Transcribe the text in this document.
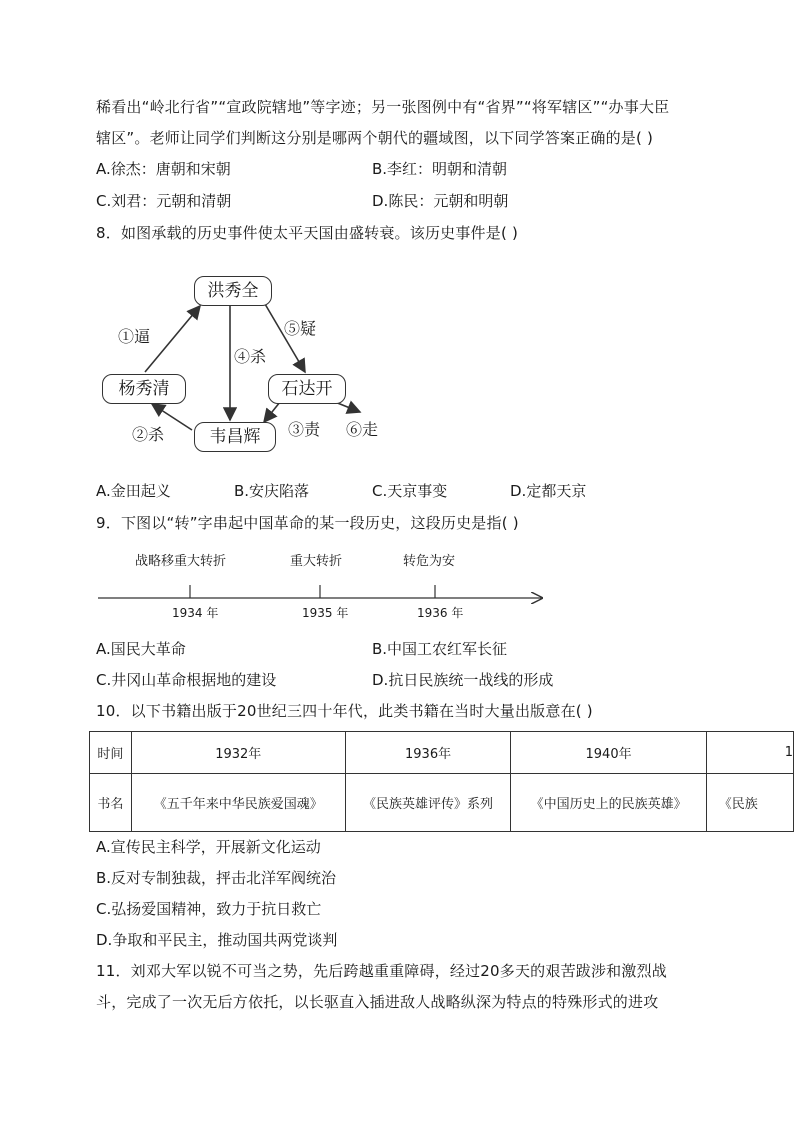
稀看出“岭北行省”“宣政院辖地”等字迹；另一张图例中有“省界”“将军辖区”“办事大臣
辖区”。老师让同学们判断这分别是哪两个朝代的疆域图，以下同学答案正确的是( )
A.徐杰：唐朝和宋朝	B.李红：明朝和清朝
C.刘君：元朝和清朝	D.陈民：元朝和明朝
8．如图承载的历史事件使太平天国由盛转衰。该历史事件是( )
洪秀全
杨秀清	石达开
韦昌辉
①逼
②杀	③责
④杀
⑤疑
⑥走
A.金田起义	B.安庆陷落	C.天京事变	D.定都天京
9．下图以“转”字串起中国革命的某一段历史，这段历史是指( )
战略移重大转折	重大转折	转危为安
1934 年	1935 年	1936 年
A.国民大革命	B.中国工农红军长征
C.井冈山革命根据地的建设	D.抗日民族统一战线的形成
10．以下书籍出版于20世纪三四十年代，此类书籍在当时大量出版意在( )
时间	1932年	1936年	1940年	1
书名	《五千年来中华民族爱国魂》	《民族英雄评传》系列	《中国历史上的民族英雄》	《民族
A.宣传民主科学，开展新文化运动
B.反对专制独裁，抨击北洋军阀统治
C.弘扬爱国精神，致力于抗日救亡
D.争取和平民主，推动国共两党谈判
11．刘邓大军以锐不可当之势，先后跨越重重障碍，经过20多天的艰苦跋涉和激烈战
斗，完成了一次无后方依托，以长驱直入插进敌人战略纵深为特点的特殊形式的进攻
